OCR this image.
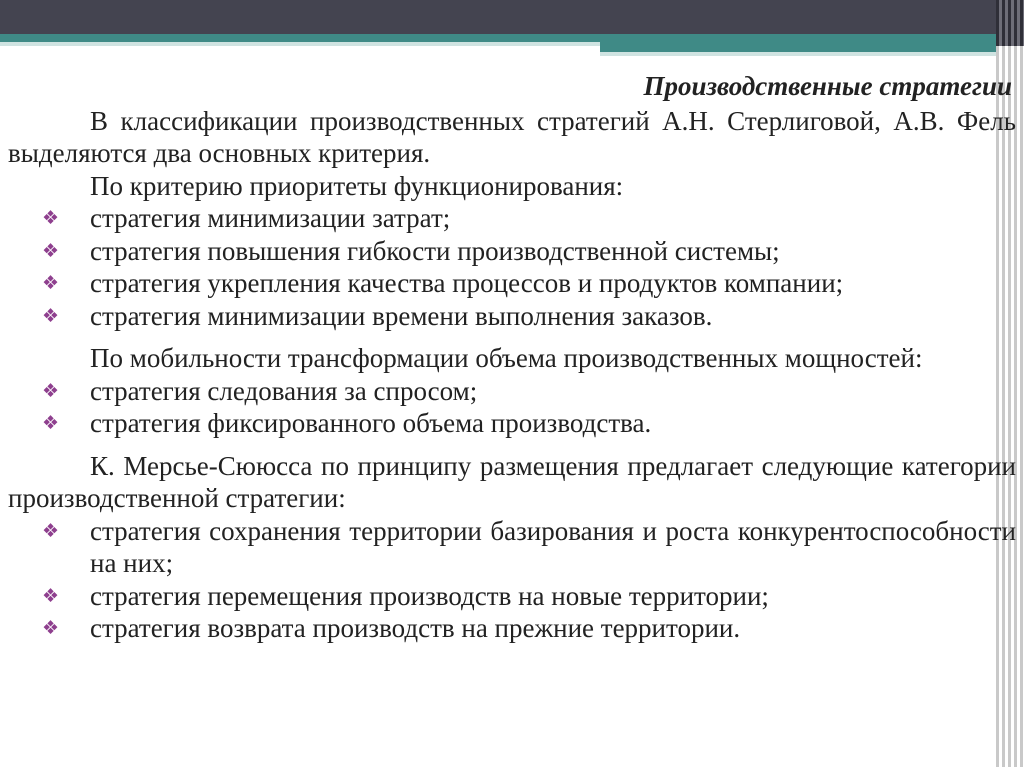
Производственные стратегии

В классификации производственных стратегий А.Н. Стерлиговой, А.В. Фель выделяются два основных критерия.

По критерию приоритеты функционирования:

❖ стратегия минимизации затрат;
❖ стратегия повышения гибкости производственной системы;
❖ стратегия укрепления качества процессов и продуктов компании;
❖ стратегия минимизации времени выполнения заказов.

По мобильности трансформации объема производственных мощностей:

❖ стратегия следования за спросом;
❖ стратегия фиксированного объема производства.

К. Мерсье-Сююсса по принципу размещения предлагает следующие категории производственной стратегии:

❖ стратегия сохранения территории базирования и роста конкурентоспособности на них;
❖ стратегия перемещения производств на новые территории;
❖ стратегия возврата производств на прежние территории.
